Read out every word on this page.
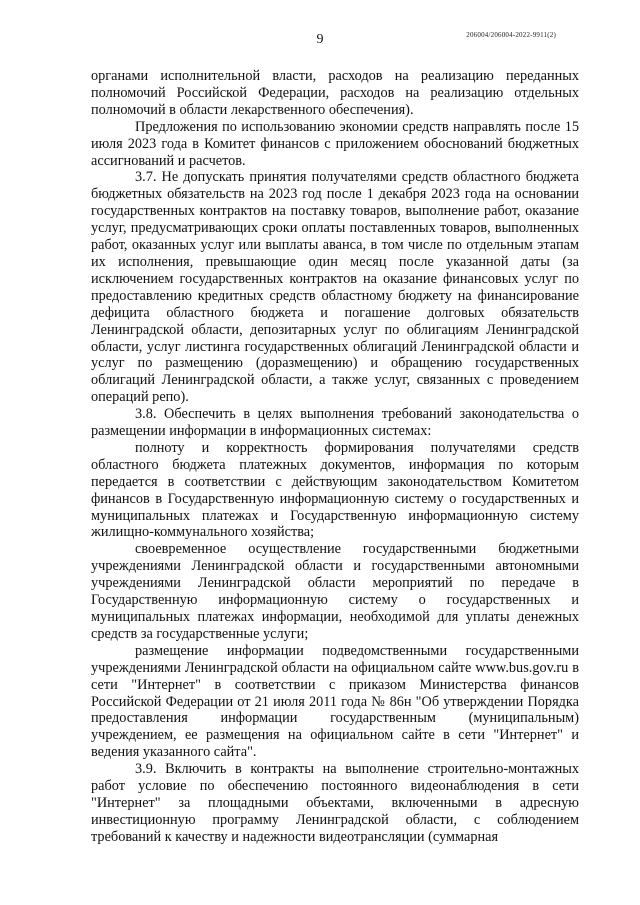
206004/206004-2022-9911(2)
9

органами исполнительной власти, расходов на реализацию переданных полномочий Российской Федерации, расходов на реализацию отдельных полномочий в области лекарственного обеспечения).

Предложения по использованию экономии средств направлять после 15 июля 2023 года в Комитет финансов с приложением обоснований бюджетных ассигнований и расчетов.

3.7. Не допускать принятия получателями средств областного бюджета бюджетных обязательств на 2023 год после 1 декабря 2023 года на основании государственных контрактов на поставку товаров, выполнение работ, оказание услуг, предусматривающих сроки оплаты поставленных товаров, выполненных работ, оказанных услуг или выплаты аванса, в том числе по отдельным этапам их исполнения, превышающие один месяц после указанной даты (за исключением государственных контрактов на оказание финансовых услуг по предоставлению кредитных средств областному бюджету на финансирование дефицита областного бюджета и погашение долговых обязательств Ленинградской области, депозитарных услуг по облигациям Ленинградской области, услуг листинга государственных облигаций Ленинградской области и услуг по размещению (доразмещению) и обращению государственных облигаций Ленинградской области, а также услуг, связанных с проведением операций репо).

3.8. Обеспечить в целях выполнения требований законодательства о размещении информации в информационных системах:

полноту и корректность формирования получателями средств областного бюджета платежных документов, информация по которым передается в соответствии с действующим законодательством Комитетом финансов в Государственную информационную систему о государственных и муниципальных платежах и Государственную информационную систему жилищно-коммунального хозяйства;

своевременное осуществление государственными бюджетными учреждениями Ленинградской области и государственными автономными учреждениями Ленинградской области мероприятий по передаче в Государственную информационную систему о государственных и муниципальных платежах информации, необходимой для уплаты денежных средств за государственные услуги;

размещение информации подведомственными государственными учреждениями Ленинградской области на официальном сайте www.bus.gov.ru в сети "Интернет" в соответствии с приказом Министерства финансов Российской Федерации от 21 июля 2011 года № 86н "Об утверждении Порядка предоставления информации государственным (муниципальным) учреждением, ее размещения на официальном сайте в сети "Интернет" и ведения указанного сайта".

3.9. Включить в контракты на выполнение строительно-монтажных работ условие по обеспечению постоянного видеонаблюдения в сети "Интернет" за площадными объектами, включенными в адресную инвестиционную программу Ленинградской области, с соблюдением требований к качеству и надежности видеотрансляции (суммарная
